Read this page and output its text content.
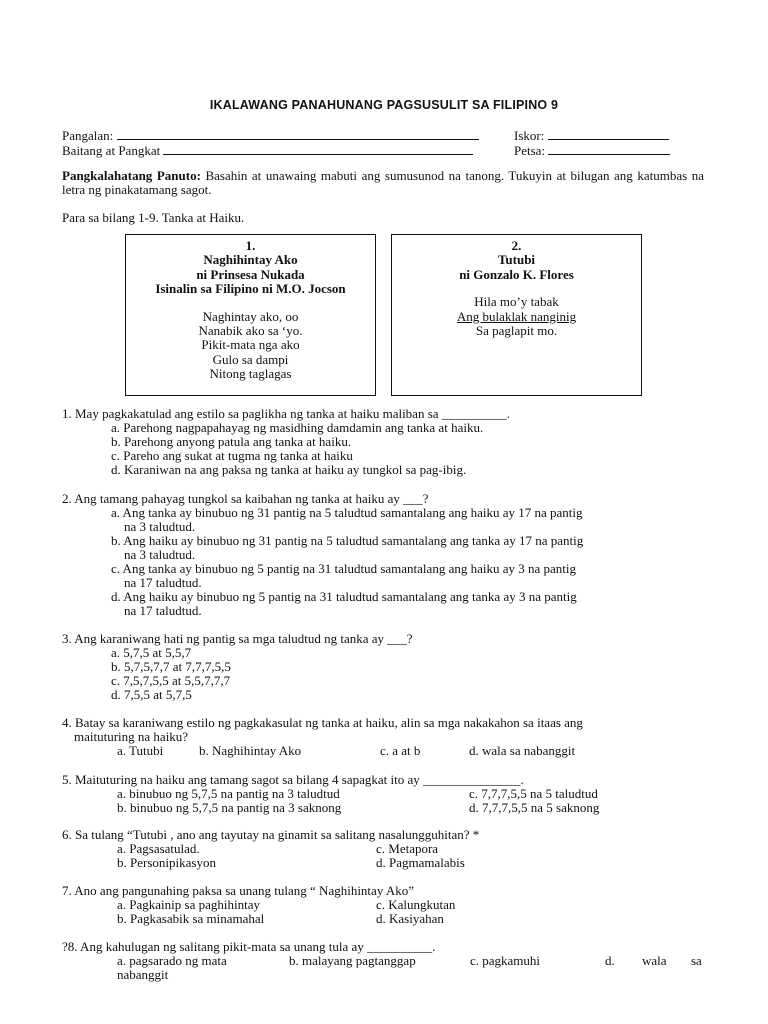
IKALAWANG PANAHUNANG PAGSUSULIT SA FILIPINO 9
Pangalan:	Iskor:
Baitang at Pangkat	Petsa:
Pangkalahatang Panuto: Basahin at unawaing mabuti ang sumusunod na tanong. Tukuyin at bilugan ang katumbas na letra ng pinakatamang sagot.
Para sa bilang 1-9. Tanka at Haiku.
1.
Naghihintay Ako
ni Prinsesa Nukada
Isinalin sa Filipino ni M.O. Jocson
Naghintay ako, oo
Nanabik ako sa ‘yo.
Pikit-mata nga ako
Gulo sa dampi
Nitong taglagas
2.
Tutubi
ni Gonzalo K. Flores
Hila mo’y tabak
Ang bulaklak nanginig
Sa paglapit mo.
1. May pagkakatulad ang estilo sa paglikha ng tanka at haiku maliban sa __________.
a. Parehong nagpapahayag ng masidhing damdamin ang tanka at haiku.
b. Parehong anyong patula ang tanka at haiku.
c. Pareho ang sukat at tugma ng tanka at haiku
d. Karaniwan na ang paksa ng tanka at haiku ay tungkol sa pag-ibig.
2. Ang tamang pahayag tungkol sa kaibahan ng tanka at haiku ay ___?
a. Ang tanka ay binubuo ng 31 pantig na 5 taludtud samantalang ang haiku ay 17 na pantig
na 3 taludtud.
b. Ang haiku ay binubuo ng 31 pantig na 5 taludtud samantalang ang tanka ay 17 na pantig
na 3 taludtud.
c. Ang tanka ay binubuo ng 5 pantig na 31 taludtud samantalang ang haiku ay 3 na pantig
na 17 taludtud.
d. Ang haiku ay binubuo ng 5 pantig na 31 taludtud samantalang ang tanka ay 3 na pantig
na 17 taludtud.
3. Ang karaniwang hati ng pantig sa mga taludtud ng tanka ay ___?
a. 5,7,5 at 5,5,7
b. 5,7,5,7,7 at 7,7,7,5,5
c. 7,5,7,5,5 at 5,5,7,7,7
d. 7,5,5 at 5,7,5
4. Batay sa karaniwang estilo ng pagkakasulat ng tanka at haiku, alin sa mga nakakahon sa itaas ang
maituturing na haiku?
a. Tutubi	b. Naghihintay Ako	c. a at b	d. wala sa nabanggit
5. Maituturing na haiku ang tamang sagot sa bilang 4 sapagkat ito ay _______________.
a. binubuo ng 5,7,5 na pantig na 3 taludtud	c. 7,7,7,5,5 na 5 taludtud
b. binubuo ng 5,7,5 na pantig na 3 saknong	d. 7,7,7,5,5 na 5 saknong
6. Sa tulang “Tutubi , ano ang tayutay na ginamit sa salitang nasalungguhitan? *
a. Pagsasatulad.	c. Metapora
b. Personipikasyon	d. Pagmamalabis
7. Ano ang pangunahing paksa sa unang tulang “ Naghihintay Ako”
a. Pagkainip sa paghihintay	c. Kalungkutan
b. Pagkasabik sa minamahal	d. Kasiyahan
?8. Ang kahulugan ng salitang pikit-mata sa unang tula ay __________.
a. pagsarado ng mata	b. malayang pagtanggap	c. pagkamuhi	d. wala sa
nabanggit
